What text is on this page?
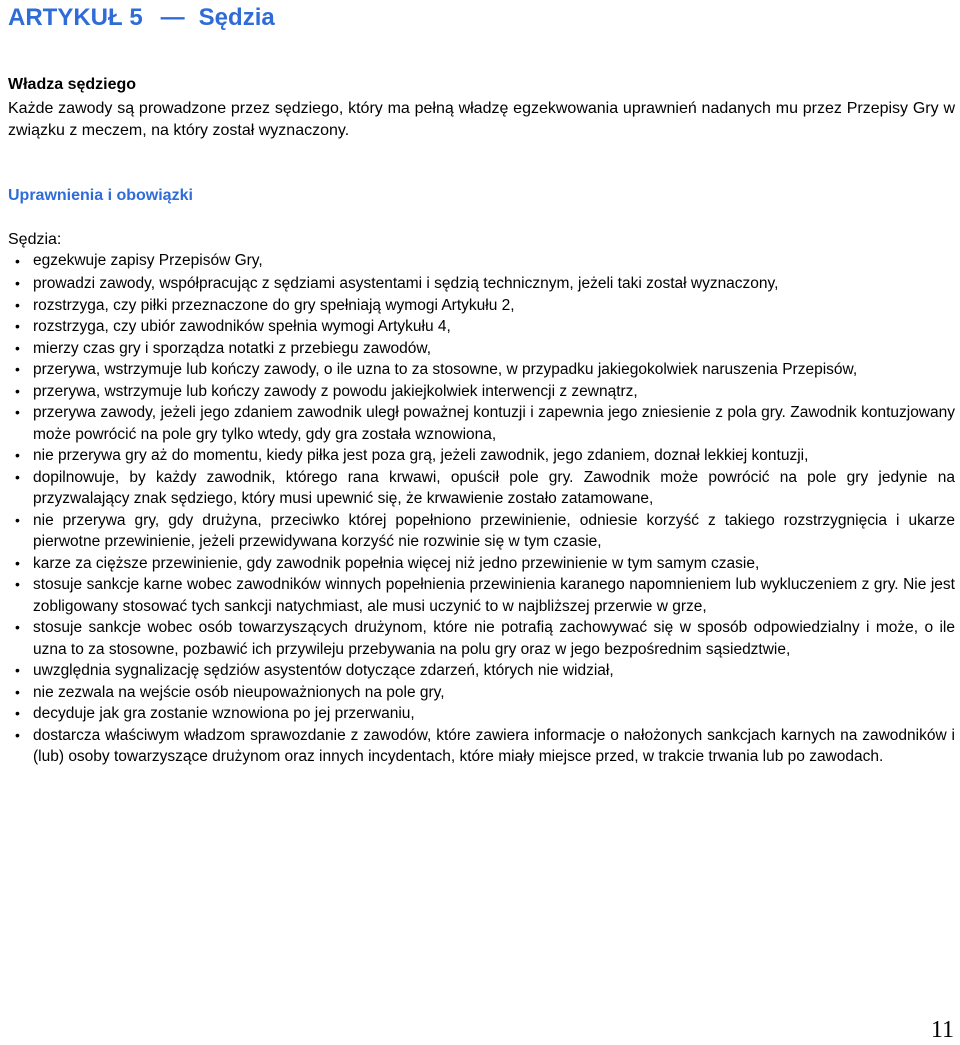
ARTYKUŁ 5 — Sędzia
Władza sędziego

Każde zawody są prowadzone przez sędziego, który ma pełną władzę egzekwowania uprawnień nadanych mu przez Przepisy Gry w związku z meczem, na który został wyznaczony.

Uprawnienia i obowiązki

Sędzia:

• egzekwuje zapisy Przepisów Gry,
• prowadzi zawody, współpracując z sędziami asystentami i sędzią technicznym, jeżeli taki został wyznaczony,
• rozstrzyga, czy piłki przeznaczone do gry spełniają wymogi Artykułu 2,
• rozstrzyga, czy ubiór zawodników spełnia wymogi Artykułu 4,
• mierzy czas gry i sporządza notatki z przebiegu zawodów,
• przerywa, wstrzymuje lub kończy zawody, o ile uzna to za stosowne, w przypadku jakiegokolwiek naruszenia Przepisów,
• przerywa, wstrzymuje lub kończy zawody z powodu jakiejkolwiek interwencji z zewnątrz,
• przerywa zawody, jeżeli jego zdaniem zawodnik uległ poważnej kontuzji i zapewnia jego zniesienie z pola gry. Zawodnik kontuzjowany może powrócić na pole gry tylko wtedy, gdy gra została wznowiona,
• nie przerywa gry aż do momentu, kiedy piłka jest poza grą, jeżeli zawodnik, jego zdaniem, doznał lekkiej kontuzji,
• dopilnowuje, by każdy zawodnik, którego rana krwawi, opuścił pole gry. Zawodnik może powrócić na pole gry jedynie na przyzwalający znak sędziego, który musi upewnić się, że krwawienie zostało zatamowane,
• nie przerywa gry, gdy drużyna, przeciwko której popełniono przewinienie, odniesie korzyść z takiego rozstrzygnięcia i ukarze pierwotne przewinienie, jeżeli przewidywana korzyść nie rozwinie się w tym czasie,
• karze za cięższe przewinienie, gdy zawodnik popełnia więcej niż jedno przewinienie w tym samym czasie,
• stosuje sankcje karne wobec zawodników winnych popełnienia przewinienia karanego napomnieniem lub wykluczeniem z gry. Nie jest zobligowany stosować tych sankcji natychmiast, ale musi uczynić to w najbliższej przerwie w grze,
• stosuje sankcje wobec osób towarzyszących drużynom, które nie potrafią zachowywać się w sposób odpowiedzialny i może, o ile uzna to za stosowne, pozbawić ich przywileju przebywania na polu gry oraz w jego bezpośrednim sąsiedztwie,
• uwzględnia sygnalizację sędziów asystentów dotyczące zdarzeń, których nie widział,
• nie zezwala na wejście osób nieupoważnionych na pole gry,
• decyduje jak gra zostanie wznowiona po jej przerwaniu,
• dostarcza właściwym władzom sprawozdanie z zawodów, które zawiera informacje o nałożonych sankcjach karnych na zawodników i (lub) osoby towarzyszące drużynom oraz innych incydentach, które miały miejsce przed, w trakcie trwania lub po zawodach.
11
